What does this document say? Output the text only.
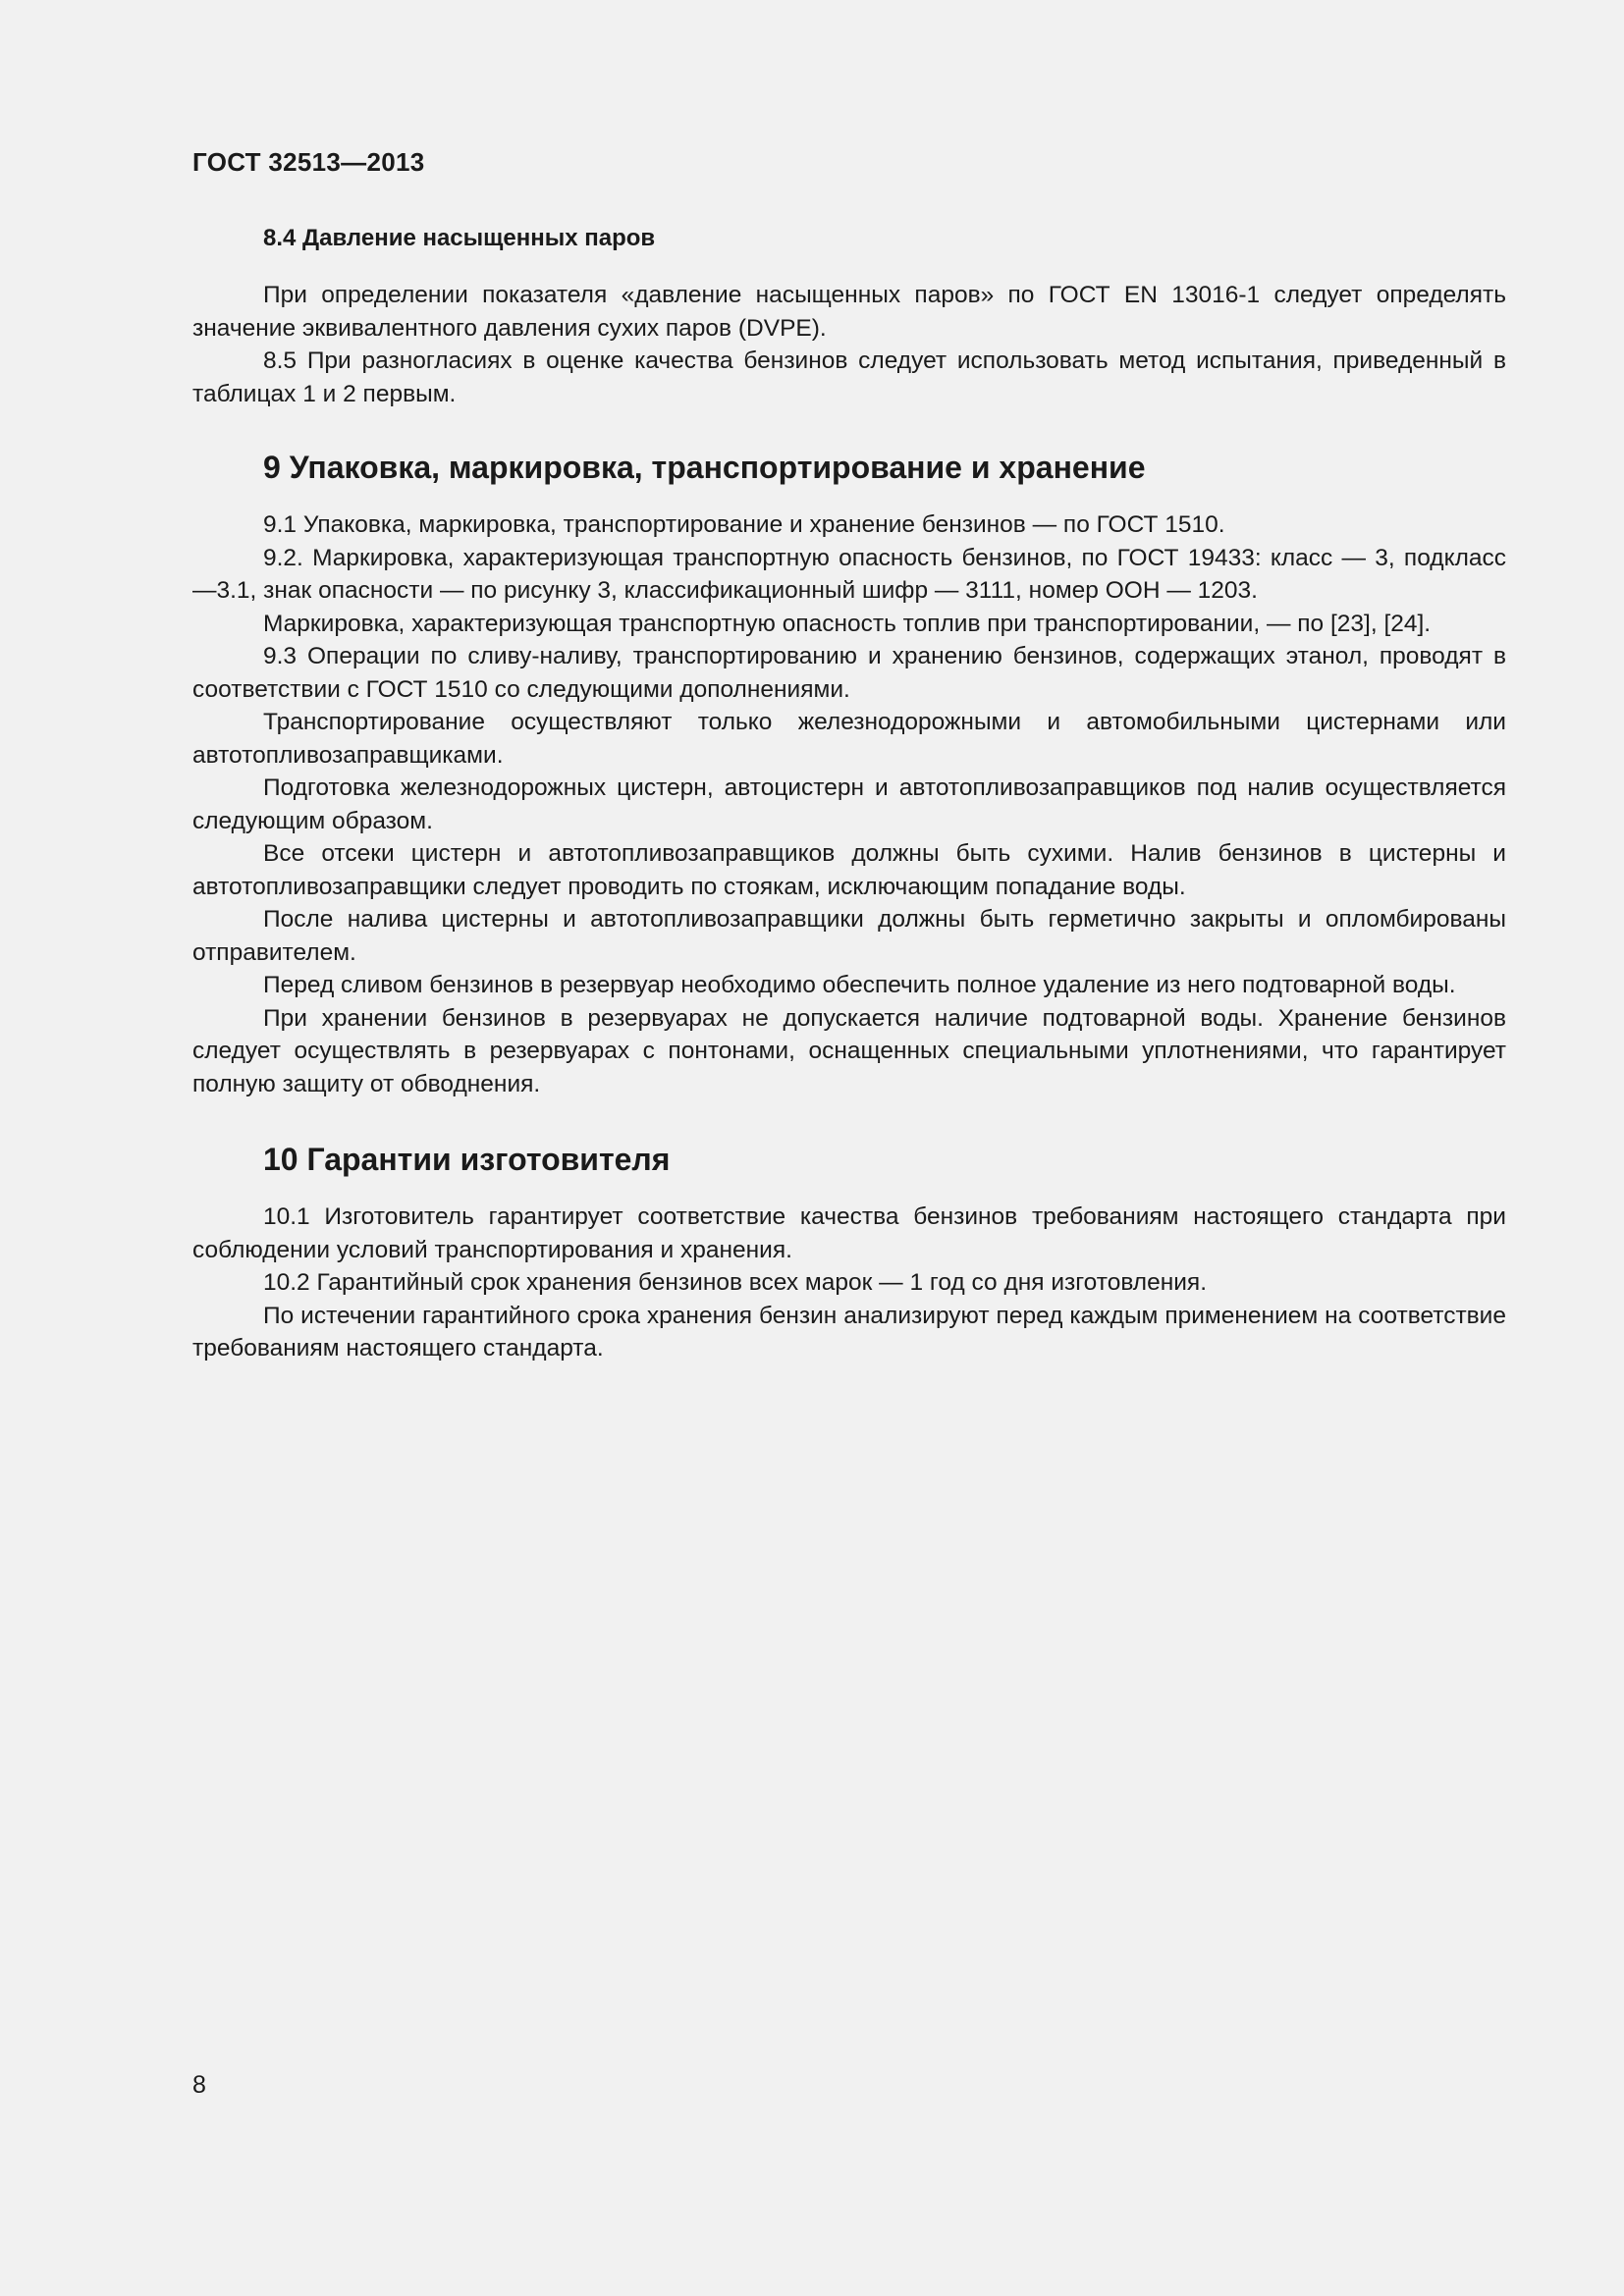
ГОСТ 32513—2013
8.4 Давление насыщенных паров

При определении показателя «давление насыщенных паров» по ГОСТ EN 13016-1 следует определять значение эквивалентного давления сухих паров (DVPE).

8.5 При разногласиях в оценке качества бензинов следует использовать метод испытания, приведенный в таблицах 1 и 2 первым.

9 Упаковка, маркировка, транспортирование и хранение

9.1 Упаковка, маркировка, транспортирование и хранение бензинов — по ГОСТ 1510.

9.2. Маркировка, характеризующая транспортную опасность бензинов, по ГОСТ 19433: класс — 3, подкласс —3.1, знак опасности — по рисунку 3, классификационный шифр — 3111, номер ООН — 1203.

Маркировка, характеризующая транспортную опасность топлив при транспортировании, — по [23], [24].

9.3 Операции по сливу-наливу, транспортированию и хранению бензинов, содержащих этанол, проводят в соответствии с ГОСТ 1510 со следующими дополнениями.

Транспортирование осуществляют только железнодорожными и автомобильными цистернами или автотопливозаправщиками.

Подготовка железнодорожных цистерн, автоцистерн и автотопливозаправщиков под налив осуществляется следующим образом.

Все отсеки цистерн и автотопливозаправщиков должны быть сухими. Налив бензинов в цистерны и автотопливозаправщики следует проводить по стоякам, исключающим попадание воды.

После налива цистерны и автотопливозаправщики должны быть герметично закрыты и опломбированы отправителем.

Перед сливом бензинов в резервуар необходимо обеспечить полное удаление из него подтоварной воды.

При хранении бензинов в резервуарах не допускается наличие подтоварной воды. Хранение бензинов следует осуществлять в резервуарах с понтонами, оснащенных специальными уплотнениями, что гарантирует полную защиту от обводнения.

10 Гарантии изготовителя

10.1 Изготовитель гарантирует соответствие качества бензинов требованиям настоящего стандарта при соблюдении условий транспортирования и хранения.

10.2 Гарантийный срок хранения бензинов всех марок — 1 год со дня изготовления.

По истечении гарантийного срока хранения бензин анализируют перед каждым применением на соответствие требованиям настоящего стандарта.

8
